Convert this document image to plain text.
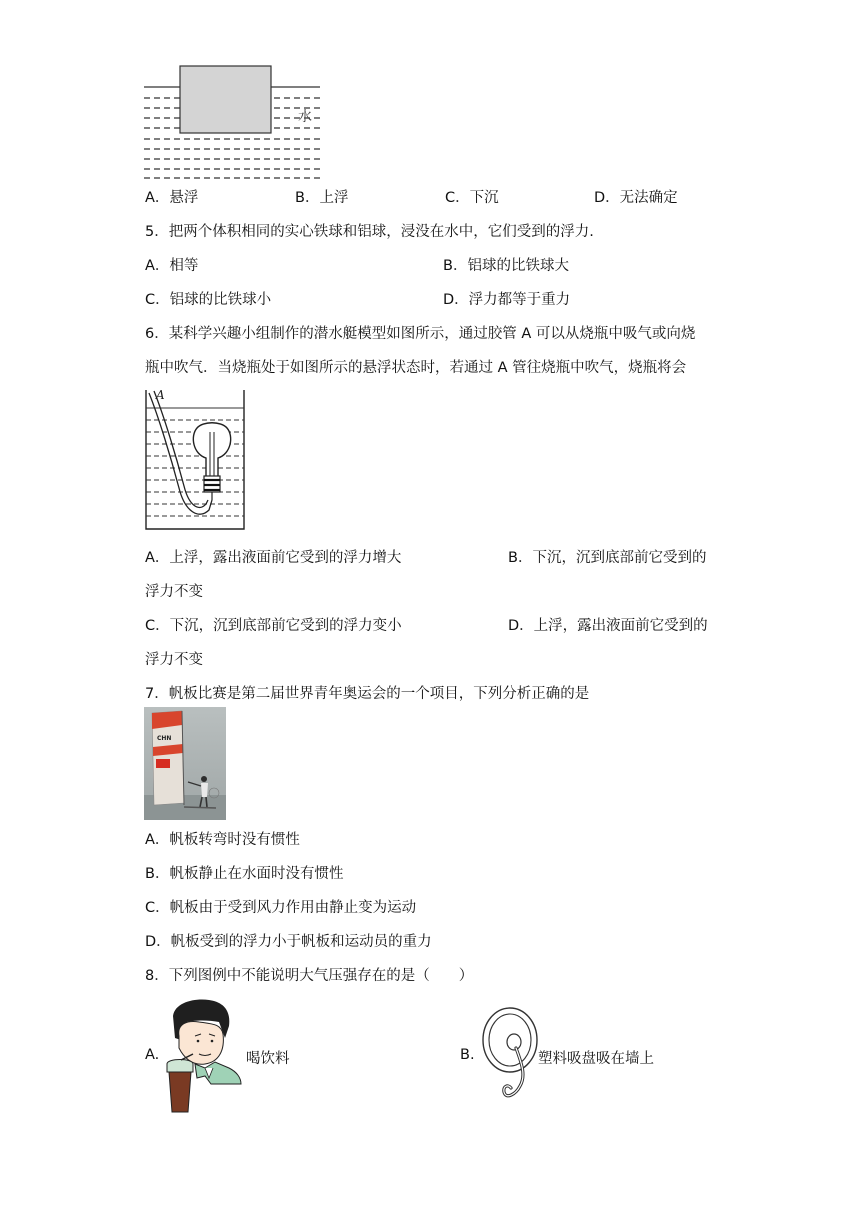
水
A．悬浮	B．上浮	C．下沉	D．无法确定
5．把两个体积相同的实心铁球和铝球，浸没在水中，它们受到的浮力.
A．相等	B．铝球的比铁球大
C．铝球的比铁球小	D．浮力都等于重力
6．某科学兴趣小组制作的潜水艇模型如图所示，通过胶管 A 可以从烧瓶中吸气或向烧
瓶中吹气．当烧瓶处于如图所示的悬浮状态时，若通过 A 管往烧瓶中吹气，烧瓶将会
A
A．上浮，露出液面前它受到的浮力增大	B．下沉，沉到底部前它受到的
浮力不变
C．下沉，沉到底部前它受到的浮力变小	D．上浮，露出液面前它受到的
浮力不变
7．帆板比赛是第二届世界青年奥运会的一个项目，下列分析正确的是
CHN
A．帆板转弯时没有惯性
B．帆板静止在水面时没有惯性
C．帆板由于受到风力作用由静止变为运动
D．帆板受到的浮力小于帆板和运动员的重力
8．下列图例中不能说明大气压强存在的是（　　）
A.	喝饮料	B.	塑料吸盘吸在墙上
